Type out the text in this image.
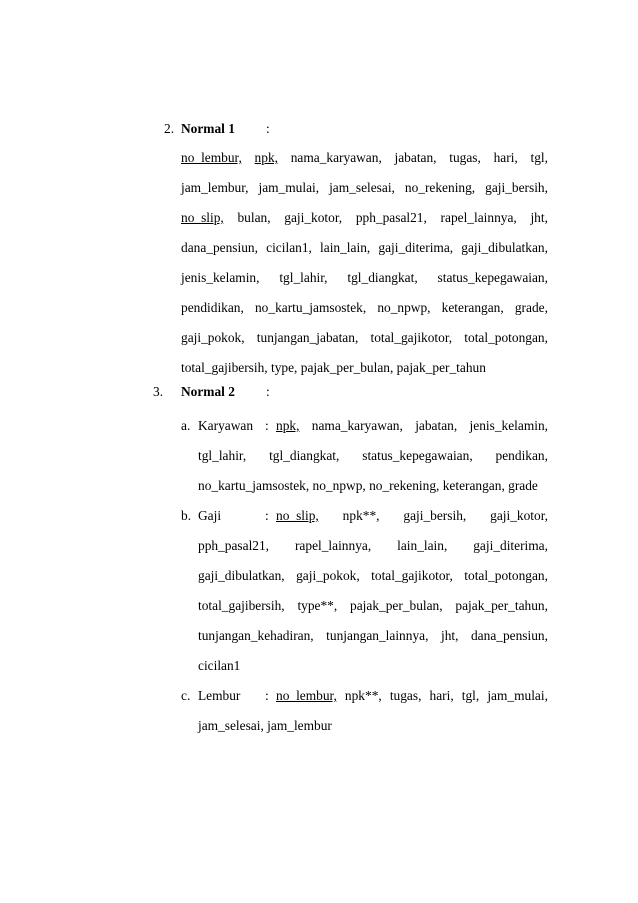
2. Normal 1 :
no_lembur, npk, nama_karyawan, jabatan, tugas, hari, tgl,
jam_lembur, jam_mulai, jam_selesai, no_rekening, gaji_bersih,
no_slip, bulan, gaji_kotor, pph_pasal21, rapel_lainnya, jht,
dana_pensiun, cicilan1, lain_lain, gaji_diterima, gaji_dibulatkan,
jenis_kelamin, tgl_lahir, tgl_diangkat, status_kepegawaian,
pendidikan, no_kartu_jamsostek, no_npwp, keterangan, grade,
gaji_pokok, tunjangan_jabatan, total_gajikotor, total_potongan,
total_gajibersih, type, pajak_per_bulan, pajak_per_tahun
3. Normal 2 :
a. Karyawan : npk, nama_karyawan, jabatan, jenis_kelamin,
tgl_lahir, tgl_diangkat, status_kepegawaian, pendikan,
no_kartu_jamsostek, no_npwp, no_rekening, keterangan, grade
b. Gaji	: no_slip, npk**, gaji_bersih, gaji_kotor,
pph_pasal21, rapel_lainnya, lain_lain, gaji_diterima,
gaji_dibulatkan, gaji_pokok, total_gajikotor, total_potongan,
total_gajibersih, type**, pajak_per_bulan, pajak_per_tahun,
tunjangan_kehadiran, tunjangan_lainnya, jht, dana_pensiun,
cicilan1
c. Lembur : no_lembur, npk**, tugas, hari, tgl, jam_mulai,
jam_selesai, jam_lembur
